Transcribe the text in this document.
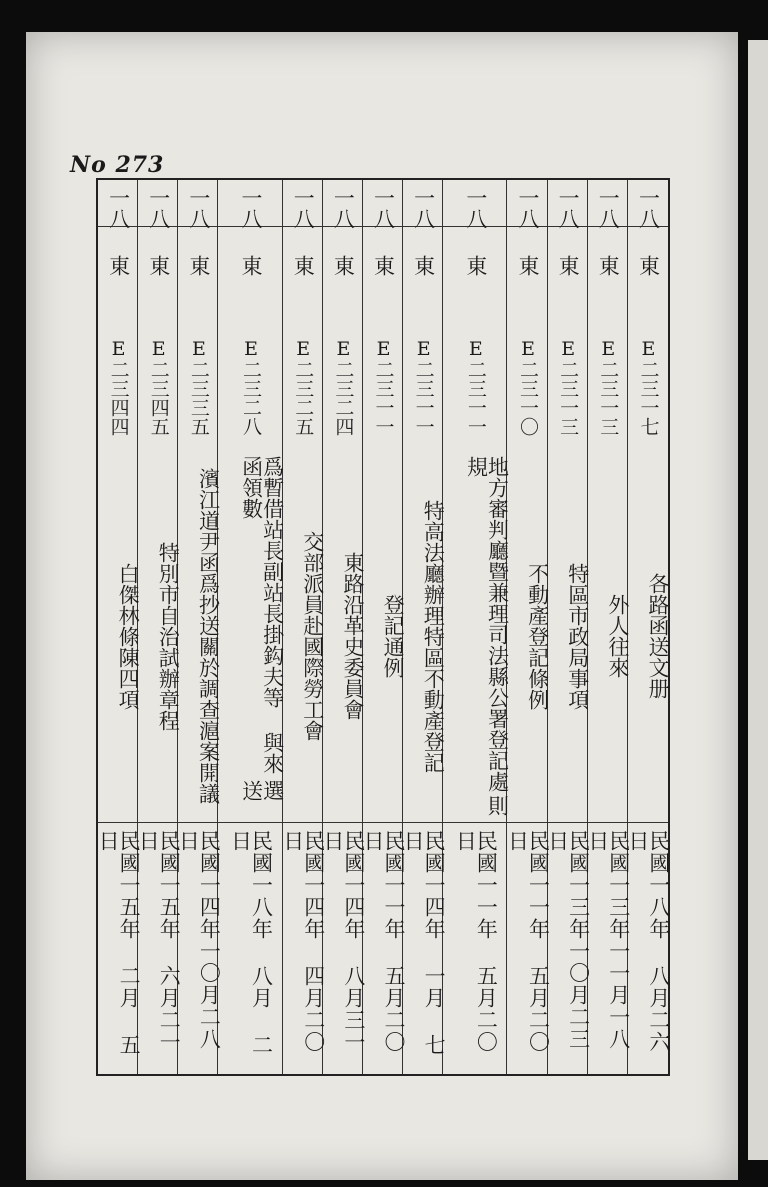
No 273
一八
東
E二三一七
各路函送文册
民國一八年 八月二六日
一八
東
E二三一三
外人往來
民國一三年一一月一八日
一八
東
E二三一三
特區市政局事項
民國一三年一〇月二三日
一八
東
E二三一〇
不動產登記條例
民國一一年 五月二〇日
一八
東
E二三一一
地方審判廳暨兼理司法縣公署登記處規
則
民國一一年 五月二〇日
一八
東
E二三一一
特高法廳辦理特區不動產登記
民國一四年 一月 七日
一八
東
E二三一一
登記通例
民國一一年 五月二〇日
一八
東
E二三二四
東路沿革史委員會
民國一四年 八月三一日
一八
東
E二三二五
交部派員赴國際勞工會
民國一四年 四月二〇日
一八
東
E二三二八
爲暫借站長副站長掛鈎夫等 與來函領數
選送
民國一八年 八月 二日
一八
東
E二三三五
濱江道尹函爲抄送關於調查滬案開議
民國一四年一〇月二八日
一八
東
E二三四五
特別市自治試辦章程
民國一五年 六月二一日
一八
東
E二三四四
白傑林條陳四項
民國一五年 二月 五日
